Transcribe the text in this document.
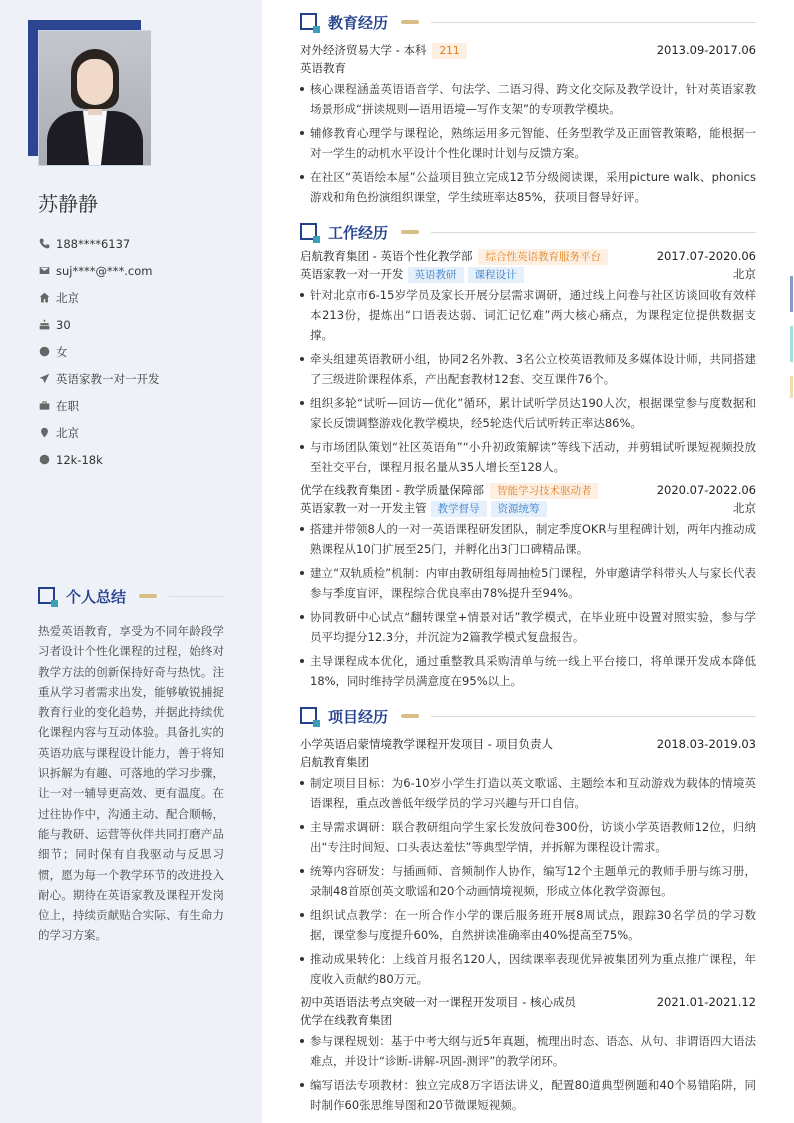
苏静静
188****6137
suj****@***.com
北京
30
女
英语家教一对一开发
在职
北京
12k-18k
个人总结
热爱英语教育，享受为不同年龄段学习者设计个性化课程的过程，始终对教学方法的创新保持好奇与热忱。注重从学习者需求出发，能够敏锐捕捉教育行业的变化趋势，并据此持续优化课程内容与互动体验。具备扎实的英语功底与课程设计能力，善于将知识拆解为有趣、可落地的学习步骤，让一对一辅导更高效、更有温度。在过往协作中，沟通主动、配合顺畅，能与教研、运营等伙伴共同打磨产品细节；同时保有自我驱动与反思习惯，愿为每一个教学环节的改进投入耐心。期待在英语家教及课程开发岗位上，持续贡献贴合实际、有生命力的学习方案。
教育经历
对外经济贸易大学 - 本科 211	2013.09-2017.06
英语教育
核心课程涵盖英语语音学、句法学、二语习得、跨文化交际及教学设计，针对英语家教场景形成“拼读规则—语用语境—写作支架”的专项教学模块。
辅修教育心理学与课程论，熟练运用多元智能、任务型教学及正面管教策略，能根据一对一学生的动机水平设计个性化课时计划与反馈方案。
在社区“英语绘本屋”公益项目独立完成12节分级阅读课，采用picture walk、phonics游戏和角色扮演组织课堂，学生续班率达85%，获项目督导好评。
工作经历
启航教育集团 - 英语个性化教学部 综合性英语教育服务平台	2017.07-2020.06
英语家教一对一开发 英语教研 课程设计	北京
针对北京市6-15岁学员及家长开展分层需求调研，通过线上问卷与社区访谈回收有效样本213份，提炼出“口语表达弱、词汇记忆难”两大核心痛点，为课程定位提供数据支撑。
牵头组建英语教研小组，协同2名外教、3名公立校英语教师及多媒体设计师，共同搭建了三级进阶课程体系，产出配套教材12套、交互课件76个。
组织多轮“试听—回访—优化”循环，累计试听学员达190人次，根据课堂参与度数据和家长反馈调整游戏化教学模块，经5轮迭代后试听转正率达86%。
与市场团队策划“社区英语角”“小升初政策解读”等线下活动，并剪辑试听课短视频投放至社交平台，课程月报名量从35人增长至128人。
优学在线教育集团 - 教学质量保障部 智能学习技术驱动者	2020.07-2022.06
英语家教一对一开发主管 教学督导 资源统筹	北京
搭建并带领8人的一对一英语课程研发团队，制定季度OKR与里程碑计划，两年内推动成熟课程从10门扩展至25门，并孵化出3门口碑精品课。
建立“双轨质检”机制：内审由教研组每周抽检5门课程，外审邀请学科带头人与家长代表参与季度盲评，课程综合优良率由78%提升至94%。
协同教研中心试点“翻转课堂+情景对话”教学模式，在毕业班中设置对照实验，参与学员平均提分12.3分，并沉淀为2篇教学模式复盘报告。
主导课程成本优化，通过重整教具采购清单与统一线上平台接口，将单课开发成本降低18%，同时维持学员满意度在95%以上。
项目经历
小学英语启蒙情境教学课程开发项目 - 项目负责人	2018.03-2019.03
启航教育集团
制定项目目标：为6-10岁小学生打造以英文歌谣、主题绘本和互动游戏为载体的情境英语课程，重点改善低年级学员的学习兴趣与开口自信。
主导需求调研：联合教研组向学生家长发放问卷300份，访谈小学英语教师12位，归纳出“专注时间短、口头表达羞怯”等典型学情，并拆解为课程设计需求。
统筹内容研发：与插画师、音频制作人协作，编写12个主题单元的教师手册与练习册，录制48首原创英文歌谣和20个动画情境视频，形成立体化教学资源包。
组织试点教学：在一所合作小学的课后服务班开展8周试点，跟踪30名学员的学习数据，课堂参与度提升60%，自然拼读准确率由40%提高至75%。
推动成果转化：上线首月报名120人，因续课率表现优异被集团列为重点推广课程，年度收入贡献约80万元。
初中英语语法考点突破一对一课程开发项目 - 核心成员	2021.01-2021.12
优学在线教育集团
参与课程规划：基于中考大纲与近5年真题，梳理出时态、语态、从句、非谓语四大语法难点，并设计“诊断-讲解-巩固-测评”的教学闭环。
编写语法专项教材：独立完成8万字语法讲义，配置80道典型例题和40个易错陷阱，同时制作60张思维导图和20节微课短视频。
